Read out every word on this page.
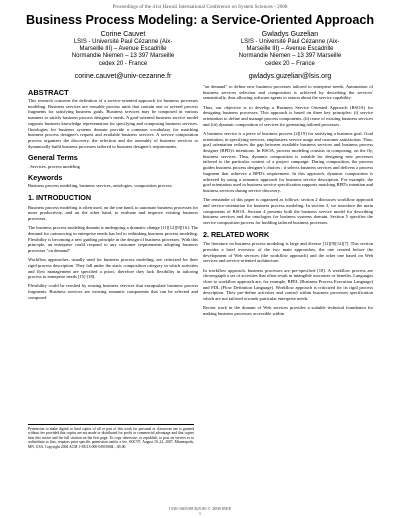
Proceedings of the 41st Hawaii International Conference on System Sciences - 2008
Business Process Modeling: a Service-Oriented Approach
Corine Cauvet
LSIS - Université Paul Cézanne (Aix-
Marseille III) – Avenue Escadrille
Normandie Niemen – 13 397 Marseille
cedex 20 - France
corine.cauvet@univ-cezanne.fr
Gwladys Guzelian
LSIS - Université Paul Cézanne (Aix-
Marseille III) – Avenue Escadrille
Normandie Niemen – 13 397 Marseille
cedex 20 – France
gwladys.guzelian@lsis.org
ABSTRACT
This research concerns the definition of a service-oriented approach for business processes modeling. Business services are reusable process units that contain one or several process fragments for satisfying business goals. Business services may be composed in various manners to satisfy business process designer's needs. A goal-oriented business service model supports business knowledge representation for specifying and composing business services. Ontologies for business systems domain provide a common vocabulary for matching business process designer's request and available business services. A service composition process organizes the discovery, the selection and the assembly of business services to dynamically build business processes tailored to business designer's requirements.
General Terms
. Services, process modeling
Keywords
Business process modeling, business services, ontologies, composition process.
1. INTRODUCTION
Business process modeling is often used, on the one hand, to automate business processes for more productivity, and on the other hand, to evaluate and improve existing business processes.
The business process modeling domain is undergoing a dramatic change [11][12][9][16]. The demand for outsourcing in enterprise needs has led to rethinking business process modeling. Flexibility is becoming a new guiding principle in the design of business processes. With this principle, an enterprise could respond to any customer requirements adopting business processes "on demand".
Workflow approaches, usually used for business process modeling, are criticized for their rigid process description. They fall under the static composition category in which activities and flow management are specified a priori, therefore they lack flexibility in tailoring process to enterprise needs [15] [18].
Flexibility could be reached by reusing business services that encapsulate business process fragments. Business services are existing semantic components that can be selected and composed
Permission to make digital or hard copies of all or part of this work for personal or classroom use is granted without fee provided that copies are not made or distributed for profit or commercial advantage and that copies bear this notice and the full citation on the first page. To copy otherwise, or republish, to post on servers or to redistribute to lists, requires prior specific permission and/or a fee. SOC'07, August 19–22, 2007, Minneapolis, MN, USA. Copyright 2004 ACM 1-58113-000-0/00/0004…$5.00.
"on demand" to define new business processes tailored to enterprise needs. Automation of business services selection and composition is achieved by describing the services' semantically, thus allowing software agents to reason about the service capability.
Thus, our objective is to develop a Business Service Oriented Approach (BSOA) for designing business processes. This approach is based on three key principles: (i) service orientation to define and manage process components, (ii) reuse of existing business services and (iii) dynamic composition of services for generating tailored processes.
A business service is a piece of business process [2][19] for satisfying a business goal. Goal orientation, in specifying services, emphasizes service usage and customer satisfaction. Thus, goal orientation reduces the gap between available business services and business process designer (BPD)'s intentions. In BSOA, process modeling consists in composing, on the fly, business services. Thus, dynamic composition is suitable for designing new processes tailored to the particular context of a project campaign. During composition, the process guides business process designer's choices ; it selects business services and delivers a process fragment that achieves a BPD's requirement. In this approach, dynamic composition is achieved by using a semantic approach for business service description. For example, the goal orientation used in business service specification supports matching BPD's intention and business services during service discovery.
The remainder of this paper is organized as follows: section 2 discusses workflow approach and service-orientation for business process modeling. In section 3, we introduce the main components of BSOA. Section 4 presents both the business service model for describing business services and the ontologies for business systems domain. Section 5 specifies the service composition process for building tailored business processes.
2. RELATED WORK
The literature on business process modeling is large and diverse [11][9][12][7]. This section provides a brief overview of the two main approaches, the one created before the development of Web services (the workflow approach) and the other one based on Web services and service-oriented architecture.
In workflow approach, business processes are pre-specified [18]. A workflow process are choreograph a set of activities that often result in intangible outcomes or benefits. Languages close to workflow approach are, for example, BPEL (Business Process Execution Language) and PDL (Flow Definition Language). Workflow approach is criticized for its rigid process description. They pre-define activities and control within business processes specification which are not tailored towards particular enterprise needs.
Recent work in the domain of Web services provides a suitable technical foundation for making business processes accessible within
1530-1605/08 $25.00 © 2008 IEEE
1
